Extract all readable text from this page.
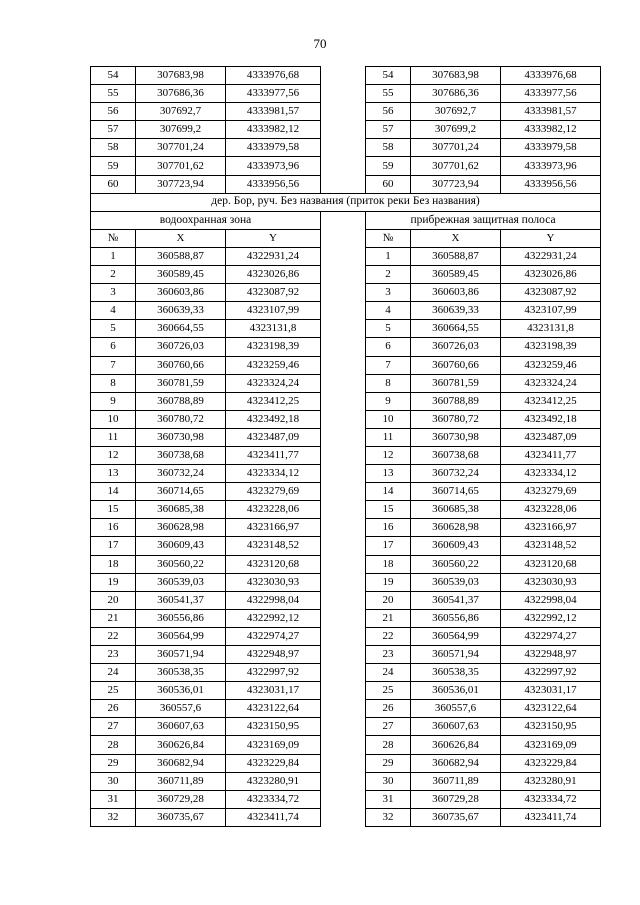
70
54	307683,98	4333976,68		54	307683,98	4333976,68
55	307686,36	4333977,56		55	307686,36	4333977,56
56	307692,7	4333981,57		56	307692,7	4333981,57
57	307699,2	4333982,12		57	307699,2	4333982,12
58	307701,24	4333979,58		58	307701,24	4333979,58
59	307701,62	4333973,96		59	307701,62	4333973,96
60	307723,94	4333956,56		60	307723,94	4333956,56
дер. Бор, руч. Без названия (приток реки Без названия)						
водоохранная зона				прибрежная защитная полоса		
№	X	Y		№	X	Y
1	360588,87	4322931,24		1	360588,87	4322931,24
2	360589,45	4323026,86		2	360589,45	4323026,86
3	360603,86	4323087,92		3	360603,86	4323087,92
4	360639,33	4323107,99		4	360639,33	4323107,99
5	360664,55	4323131,8		5	360664,55	4323131,8
6	360726,03	4323198,39		6	360726,03	4323198,39
7	360760,66	4323259,46		7	360760,66	4323259,46
8	360781,59	4323324,24		8	360781,59	4323324,24
9	360788,89	4323412,25		9	360788,89	4323412,25
10	360780,72	4323492,18		10	360780,72	4323492,18
11	360730,98	4323487,09		11	360730,98	4323487,09
12	360738,68	4323411,77		12	360738,68	4323411,77
13	360732,24	4323334,12		13	360732,24	4323334,12
14	360714,65	4323279,69		14	360714,65	4323279,69
15	360685,38	4323228,06		15	360685,38	4323228,06
16	360628,98	4323166,97		16	360628,98	4323166,97
17	360609,43	4323148,52		17	360609,43	4323148,52
18	360560,22	4323120,68		18	360560,22	4323120,68
19	360539,03	4323030,93		19	360539,03	4323030,93
20	360541,37	4322998,04		20	360541,37	4322998,04
21	360556,86	4322992,12		21	360556,86	4322992,12
22	360564,99	4322974,27		22	360564,99	4322974,27
23	360571,94	4322948,97		23	360571,94	4322948,97
24	360538,35	4322997,92		24	360538,35	4322997,92
25	360536,01	4323031,17		25	360536,01	4323031,17
26	360557,6	4323122,64		26	360557,6	4323122,64
27	360607,63	4323150,95		27	360607,63	4323150,95
28	360626,84	4323169,09		28	360626,84	4323169,09
29	360682,94	4323229,84		29	360682,94	4323229,84
30	360711,89	4323280,91		30	360711,89	4323280,91
31	360729,28	4323334,72		31	360729,28	4323334,72
32	360735,67	4323411,74		32	360735,67	4323411,74
